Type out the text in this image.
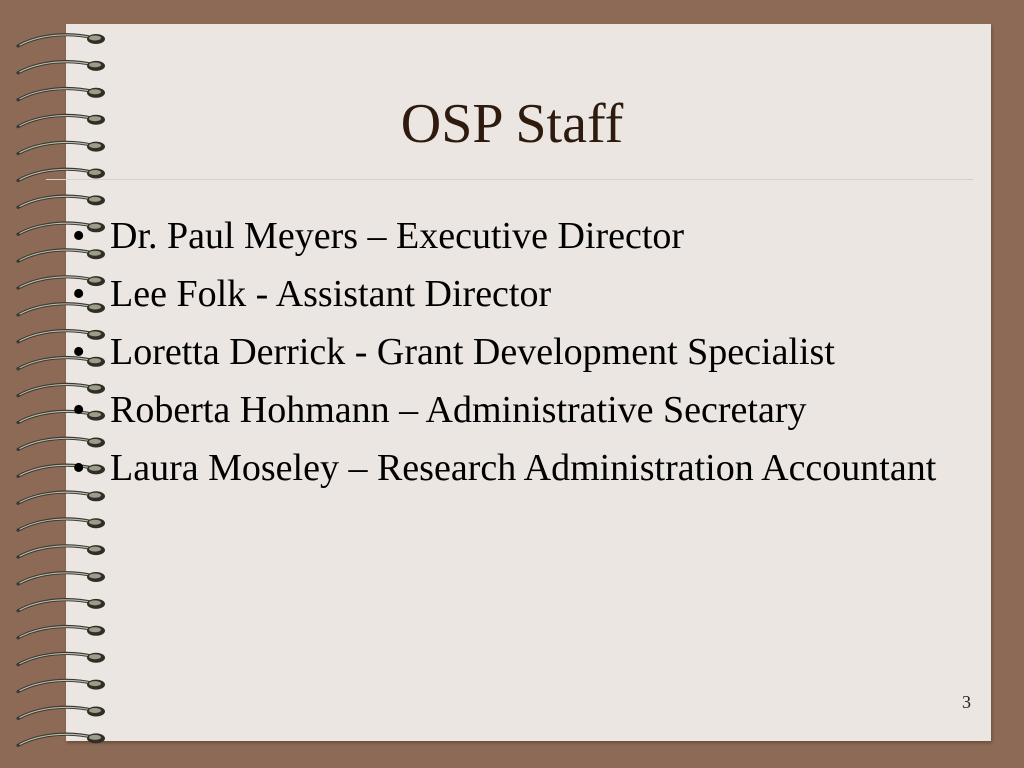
OSP Staff
• Dr. Paul Meyers – Executive Director
• Lee Folk - Assistant Director
• Loretta Derrick - Grant Development Specialist
• Roberta Hohmann – Administrative Secretary
• Laura Moseley – Research Administration Accountant
3
